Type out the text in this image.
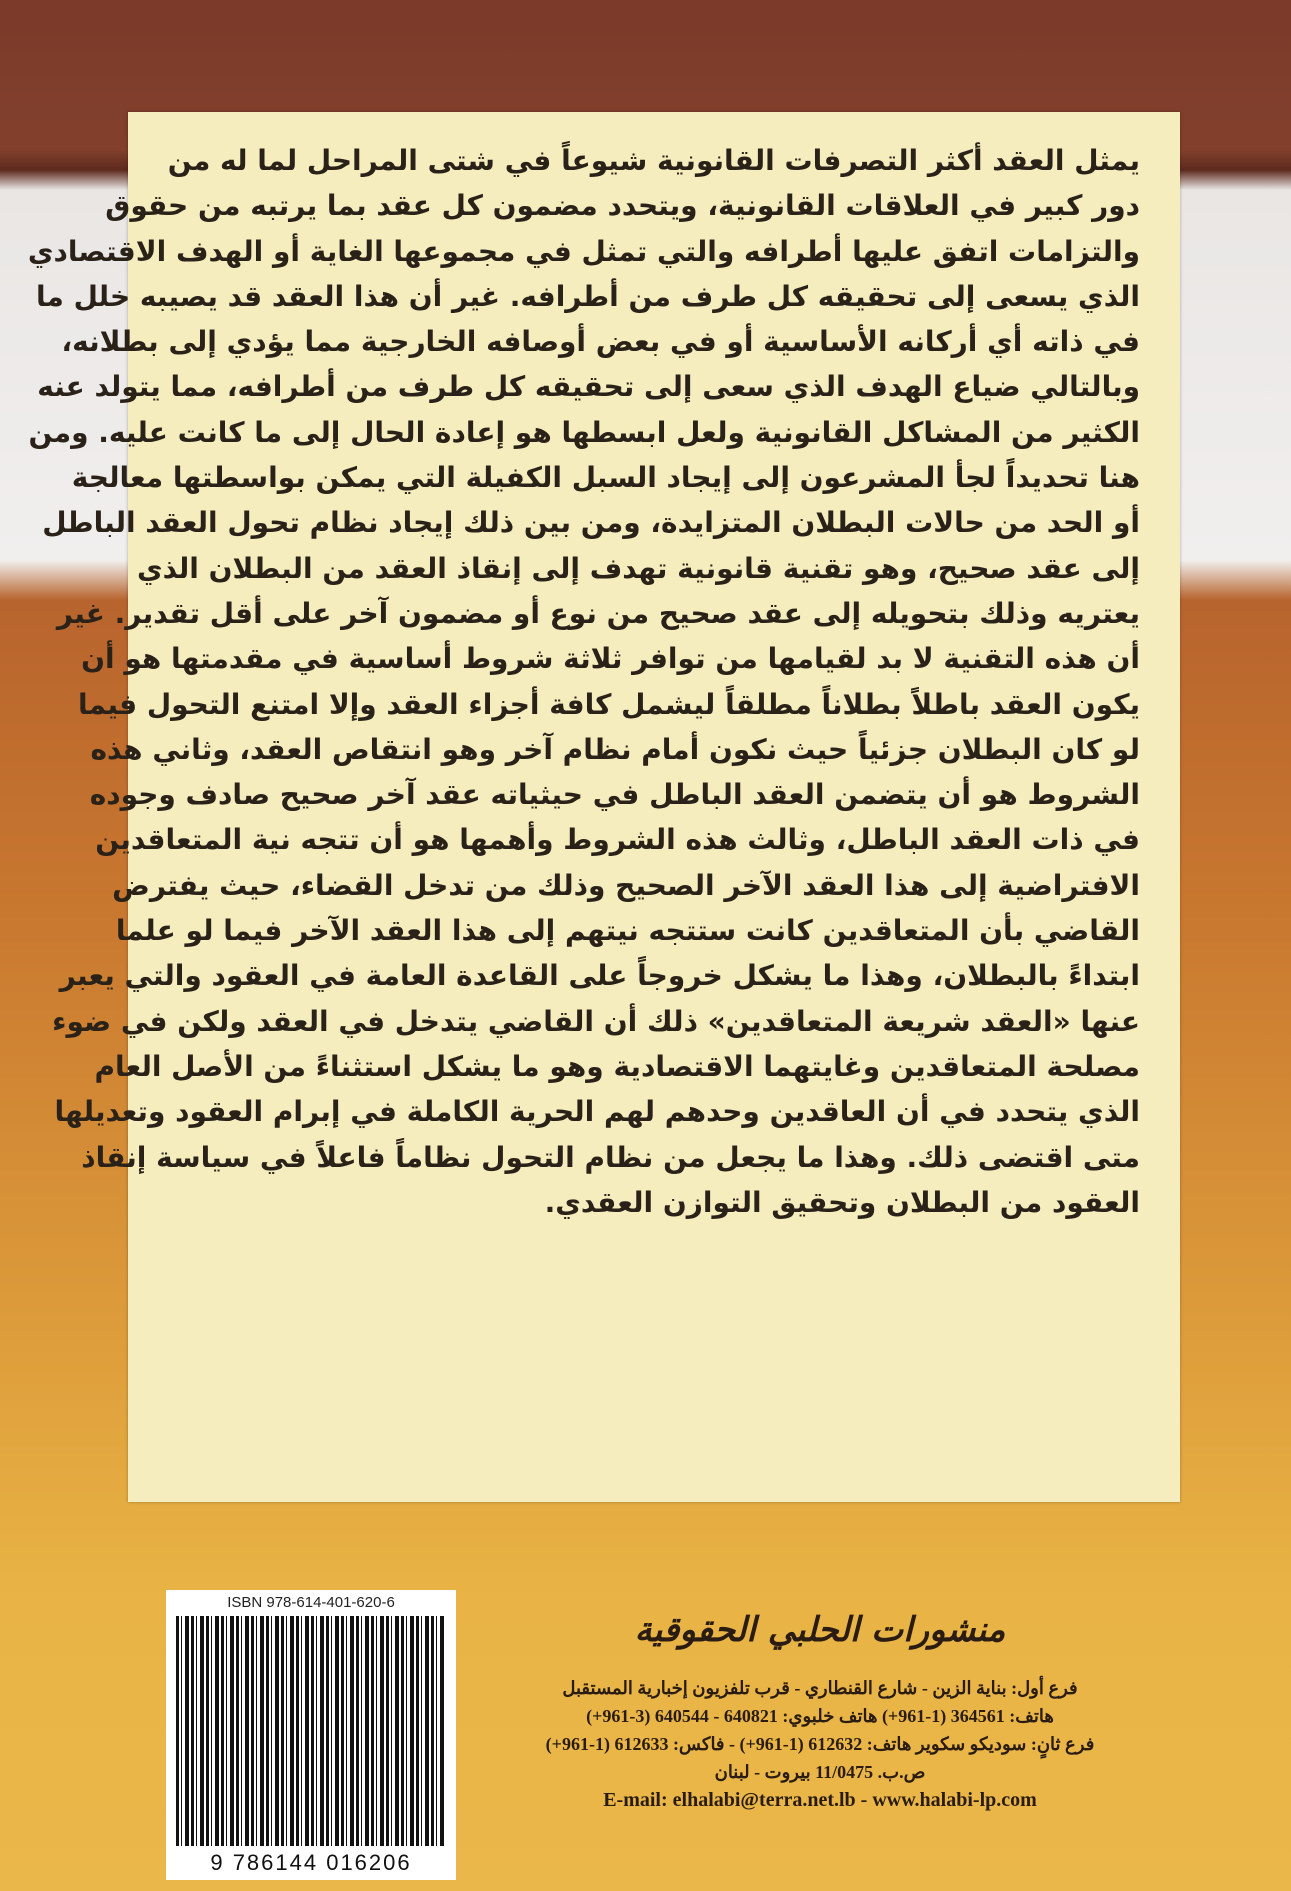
يمثل العقد أكثر التصرفات القانونية شيوعاً في شتى المراحل لما له من
دور كبير في العلاقات القانونية، ويتحدد مضمون كل عقد بما يرتبه من حقوق
والتزامات اتفق عليها أطرافه والتي تمثل في مجموعها الغاية أو الهدف الاقتصادي
الذي يسعى إلى تحقيقه كل طرف من أطرافه. غير أن هذا العقد قد يصيبه خلل ما
في ذاته أي أركانه الأساسية أو في بعض أوصافه الخارجية مما يؤدي إلى بطلانه،
وبالتالي ضياع الهدف الذي سعى إلى تحقيقه كل طرف من أطرافه، مما يتولد عنه
الكثير من المشاكل القانونية ولعل ابسطها هو إعادة الحال إلى ما كانت عليه. ومن
هنا تحديداً لجأ المشرعون إلى إيجاد السبل الكفيلة التي يمكن بواسطتها معالجة
أو الحد من حالات البطلان المتزايدة، ومن بين ذلك إيجاد نظام تحول العقد الباطل
إلى عقد صحيح، وهو تقنية قانونية تهدف إلى إنقاذ العقد من البطلان الذي
يعتريه وذلك بتحويله إلى عقد صحيح من نوع أو مضمون آخر على أقل تقدير. غير
أن هذه التقنية لا بد لقيامها من توافر ثلاثة شروط أساسية في مقدمتها هو أن
يكون العقد باطلاً بطلاناً مطلقاً ليشمل كافة أجزاء العقد وإلا امتنع التحول فيما
لو كان البطلان جزئياً حيث نكون أمام نظام آخر وهو انتقاص العقد، وثاني هذه
الشروط هو أن يتضمن العقد الباطل في حيثياته عقد آخر صحيح صادف وجوده
في ذات العقد الباطل، وثالث هذه الشروط وأهمها هو أن تتجه نية المتعاقدين
الافتراضية إلى هذا العقد الآخر الصحيح وذلك من تدخل القضاء، حيث يفترض
القاضي بأن المتعاقدين كانت ستتجه نيتهم إلى هذا العقد الآخر فيما لو علما
ابتداءً بالبطلان، وهذا ما يشكل خروجاً على القاعدة العامة في العقود والتي يعبر
عنها «العقد شريعة المتعاقدين» ذلك أن القاضي يتدخل في العقد ولكن في ضوء
مصلحة المتعاقدين وغايتهما الاقتصادية وهو ما يشكل استثناءً من الأصل العام
الذي يتحدد في أن العاقدين وحدهم لهم الحرية الكاملة في إبرام العقود وتعديلها
متى اقتضى ذلك. وهذا ما يجعل من نظام التحول نظاماً فاعلاً في سياسة إنقاذ
العقود من البطلان وتحقيق التوازن العقدي.
ISBN 978-614-401-620-6
9 786144 016206
منشورات الحلبي الحقوقية
فرع أول: بناية الزين - شارع القنطاري - قرب تلفزيون إخبارية المستقبل
هاتف: 364561 (1-961+) هاتف خلبوي: 640821 - 640544 (3-961+)
فرع ثانٍ: سوديكو سكوير هاتف: 612632 (1-961+) - فاكس: 612633 (1-961+)
ص.ب. 11/0475 بيروت - لبنان
E-mail: elhalabi@terra.net.lb - www.halabi-lp.com
